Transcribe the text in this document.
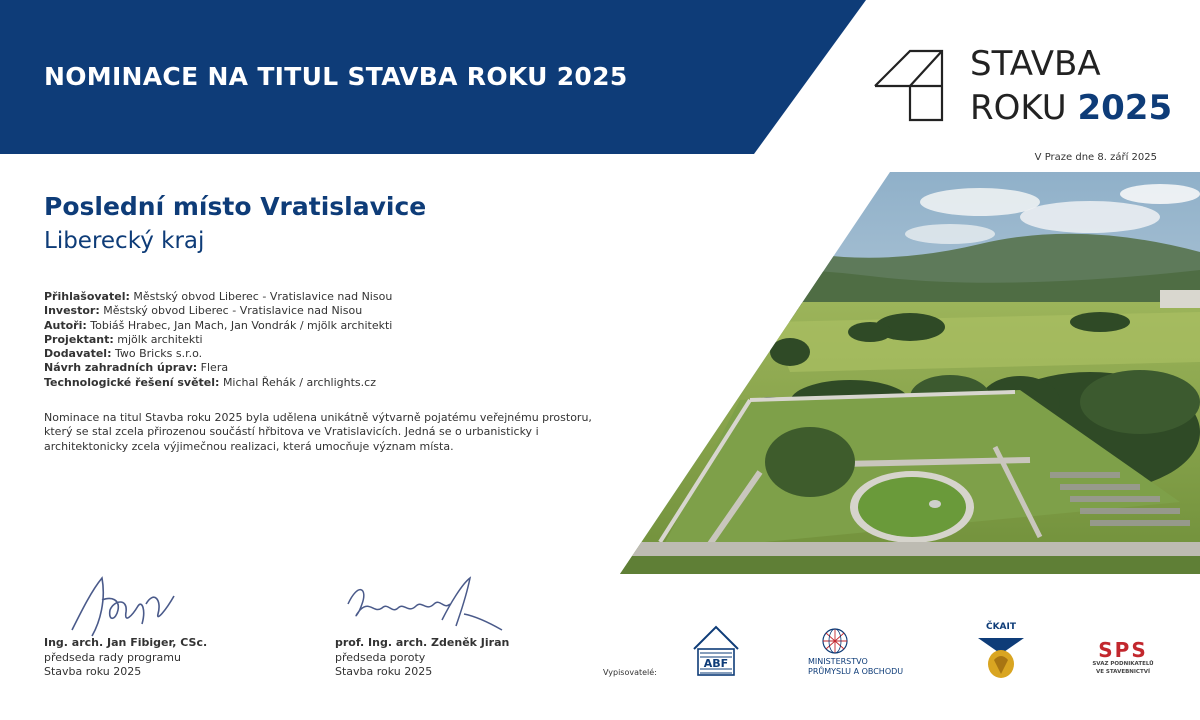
NOMINACE NA TITUL STAVBA ROKU 2025	STAVBA
ROKU 2025
V Praze dne 8. září 2025
Poslední místo Vratislavice
Liberecký kraj
Přihlašovatel: Městský obvod Liberec - Vratislavice nad Nisou
Investor: Městský obvod Liberec - Vratislavice nad Nisou
Autoři: Tobiáš Hrabec, Jan Mach, Jan Vondrák / mjölk architekti
Projektant: mjölk architekti
Dodavatel: Two Bricks s.r.o.
Návrh zahradních úprav: Flera
Technologické řešení světel: Michal Řehák / archlights.cz

Nominace na titul Stavba roku 2025 byla udělena unikátně výtvarně pojatému veřejnému prostoru, který se stal zcela přirozenou součástí hřbitova ve Vratislavicích. Jedná se o urbanisticky i architektonicky zcela výjimečnou realizaci, která umocňuje význam místa.

Ing. arch. Jan Fibiger, CSc.
předseda rady programu
Stavba roku 2025
prof. Ing. arch. Zdeněk Jiran
předseda poroty
Stavba roku 2025	Vypisovatelé:
ABF	MINISTERSTVO
PRŮMYSLU A OBCHODU
ČKAIT
SPS
SVAZ PODNIKATELŮ
VE STAVEBNICTVÍ
